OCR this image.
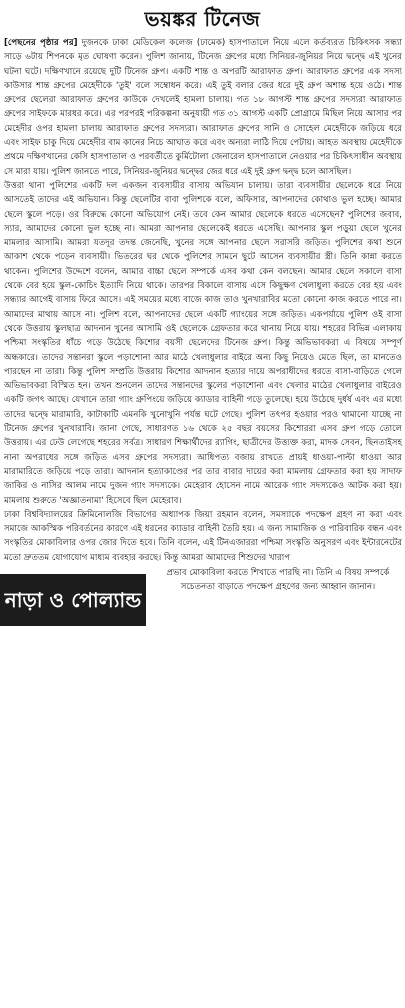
ভয়ঙ্কর টিনেজ

[পেছনের পৃষ্ঠার পর] দুজনকে ঢাকা মেডিকেল কলেজ (ঢামেক) হাসপাতালে নিয়ে এলে কর্তব্যরত চিকিৎসক সন্ধ্যা সাড়ে ৬টায় শিপনকে মৃত ঘোষণা করেন। পুলিশ জানায়, টিনেজ গ্রুপের মধ্যে সিনিয়র-জুনিয়র নিয়ে দ্বন্দ্বে এই খুনের ঘটনা ঘটে। দক্ষিণখানে রয়েছে দুটি টিনেজ গ্রুপ। একটি শান্ত ও অপরটি আরাফাত গ্রুপ। আরাফাত গ্রুপের এক সদস্য কাউসার শান্ত গ্রুপের মেহেদীকে 'তুই' বলে সম্বোধন করে। এই তুই বলার জের ধরে দুই গ্রুপ অশান্ত হয়ে ওঠে। শান্ত গ্রুপের ছেলেরা আরাফাত গ্রুপের কাউকে দেখলেই হামলা চালায়। গত ১৮ আগস্ট শান্ত গ্রুপের সদস্যরা আরাফাত গ্রুপের সাইফকে মারধর করে। এর পরপরই পরিকল্পনা অনুযায়ী গত ৩১ আগস্ট একটি প্রোগ্রামে মিছিল নিয়ে আসার পর মেহেদীর ওপর হামলা চালায় আরাফাত গ্রুপের সদস্যরা। আরাফাত গ্রুপের সানি ও সোহেল মেহেদীকে জড়িয়ে ধরে এবং সাইফ চাকু দিয়ে মেহেদীর বাম কানের নিচে আঘাত করে এবং অন্যরা লাঠি দিয়ে পেটায়। আহত অবস্থায় মেহেদীকে প্রথমে দক্ষিণখানের কেসি হাসপাতাল ও পরবর্তীতে কুর্মিটোলা জেনারেল হাসপাতালে নেওয়ার পর চিকিৎসাধীন অবস্থায় সে মারা যায়। পুলিশ জানতে পারে, সিনিয়র-জুনিয়র দ্বন্দ্বের জের ধরে এই দুই গ্রুপ দ্বন্দ্ব চলে আসছিল।

উত্তরা থানা পুলিশের একটি দল একজন ব্যবসায়ীর বাসায় অভিযান চালায়। তারা ব্যবসায়ীর ছেলেকে ধরে নিয়ে আসতেই তাদের এই অভিযান। কিন্তু ছেলেটির বাবা পুলিশকে বলে, অফিসার, আপনাদের কোথাও ভুল হচ্ছে। আমার ছেলে স্কুলে পড়ে। ওর বিরুদ্ধে কোনো অভিযোগ নেই। তবে কেন আমার ছেলেকে ধরতে এসেছেন? পুলিশের জবাব, স্যার, আমাদের কোনো ভুল হচ্ছে না। আমরা আপনার ছেলেকেই ধরতে এসেছি। আপনার স্কুল পড়ুয়া ছেলে খুনের মামলার আসামি। আমরা যতদূর তদন্ত জেনেছি, খুনের সঙ্গে আপনার ছেলে সরাসরি জড়িত। পুলিশের কথা শুনে আকাশ থেকে পড়েন ব্যবসায়ী। ভিতরের ঘর থেকে পুলিশের সামনে ছুটে আসেন ব্যবসায়ীর স্ত্রী। তিনি কান্না করতে থাকেন। পুলিশের উদ্দেশে বলেন, আমার বাচ্চা ছেলে সম্পর্কে এসব কথা কেন বলছেন। আমার ছেলে সকালে বাসা থেকে বের হয়ে স্কুল-কোচিং ইত্যাদি নিয়ে থাকে। তারপর বিকালে বাসায় এসে কিছুক্ষণ খেলাধুলা করতে বের হয় এবং সন্ধ্যার আগেই বাসায় ফিরে আসে। এই সময়ের মধ্যে বাজে কাজ তাও খুনখারাবির মতো কোনো কাজ করতে পারে না। আমাদের মাথায় আসে না। পুলিশ বলে, আপনাদের ছেলে একটি গ্যাংয়ের সঙ্গে জড়িত। একপর্যায়ে পুলিশ ওই বাসা থেকে উত্তরায় স্কুলছাত্র আদনান খুনের আসামি ওই ছেলেকে গ্রেফতার করে থানায় নিয়ে যায়। শহরের বিভিন্ন এলাকায় পশ্চিমা সংস্কৃতির ধাঁচে গড়ে উঠেছে কিশোর বয়সী ছেলেদের টিনেজ গ্রুপ। কিন্তু অভিভাবকরা এ বিষয়ে সম্পূর্ণ অন্ধকারে। তাদের সন্তানরা স্কুলে পড়াশোনা আর মাঠে খেলাধুলার বাইরে অন্য কিছু নিয়েও মেতে ছিল, তা মানতেও পারছেন না তারা। কিন্তু পুলিশ সম্প্রতি উত্তরায় কিশোর আদনান হত্যার দায়ে অপরাধীদের ধরতে বাসা-বাড়িতে গেলে অভিভাবকরা বিস্মিত হন। তখন শুনলেন তাদের সন্তানদের স্কুলের পড়াশোনা এবং খেলার মাঠের খেলাধুলার বাইরেও একটি জগৎ আছে। যেখানে তারা গ্যাং গ্রুপিংয়ে জড়িয়ে ক্যাডার বাহিনী গড়ে তুলেছে। হয়ে উঠেছে দুর্ধর্ষ এবং এর মধ্যে তাদের দ্বন্দ্বে মারামারি, কাটাকাটি এমনকি খুনোখুনি পর্যন্ত ঘটে গেছে। পুলিশ তৎপর হওয়ার পরও থামানো যাচ্ছে না টিনেজ গ্রুপের খুনখারাবি। জানা গেছে, সাধারণত ১৬ থেকে ২৫ বছর বয়সের কিশোররা এসব গ্রুপ গড়ে তোলে উত্তরায়। এর ঢেউ লেগেছে শহরের সর্বত্র। সাধারণ শিক্ষার্থীদের র‌্যাগিং, ছাত্রীদের উত্ত্যক্ত করা, মাদক সেবন, ছিনতাইসহ নানা অপরাধের সঙ্গে জড়িত এসব গ্রুপের সদস্যরা। আধিপত্য বজায় রাখতে প্রায়ই ধাওয়া-পাল্টা ধাওয়া আর মারামারিতে জড়িয়ে পড়ে তারা। আদনান হত্যাকাণ্ডের পর তার বাবার দায়ের করা মামলায় গ্রেফতার করা হয় সাদাফ জাকির ও নাসির আলম নামে দুজন গ্যাং সদস্যকে। মেহেরাব হোসেন নামে আরেক গ্যাং সদস্যকেও আটক করা হয়। মামলায় শুরুতে 'অজ্ঞাতনামা' হিসেবে ছিল মেহেরাব।

ঢাকা বিশ্ববিদ্যালয়ের ক্রিমিনোলজি বিভাগের অধ্যাপক জিয়া রহমান বলেন, সমস্যাকে পদক্ষেপ গ্রহণ না করা এবং সমাজে আকস্মিক পরিবর্তনের কারণে এই ধরনের ক্যাডার বাহিনী তৈরি হয়। এ জন্য সামাজিক ও পারিবারিক বন্ধন এবং সংস্কৃতির মোকাবিলার ওপর জোর দিতে হবে। তিনি বলেন, এই টিনএজাররা পশ্চিমা সংস্কৃতি অনুসরণ এবং ইন্টারনেটের মতো দ্রুততম যোগাযোগ মাধ্যম ব্যবহার করছে। কিন্তু আমরা আমাদের শিশুদের খারাপ

নাড়া ও পোল্যান্ড
প্রভাব মোকাবিলা করতে শিখাতে পারছি না। তিনি এ বিষয় সম্পর্কে সচেতনতা বাড়াতে পদক্ষেপ গ্রহণের জন্য আহ্বান জানান।
